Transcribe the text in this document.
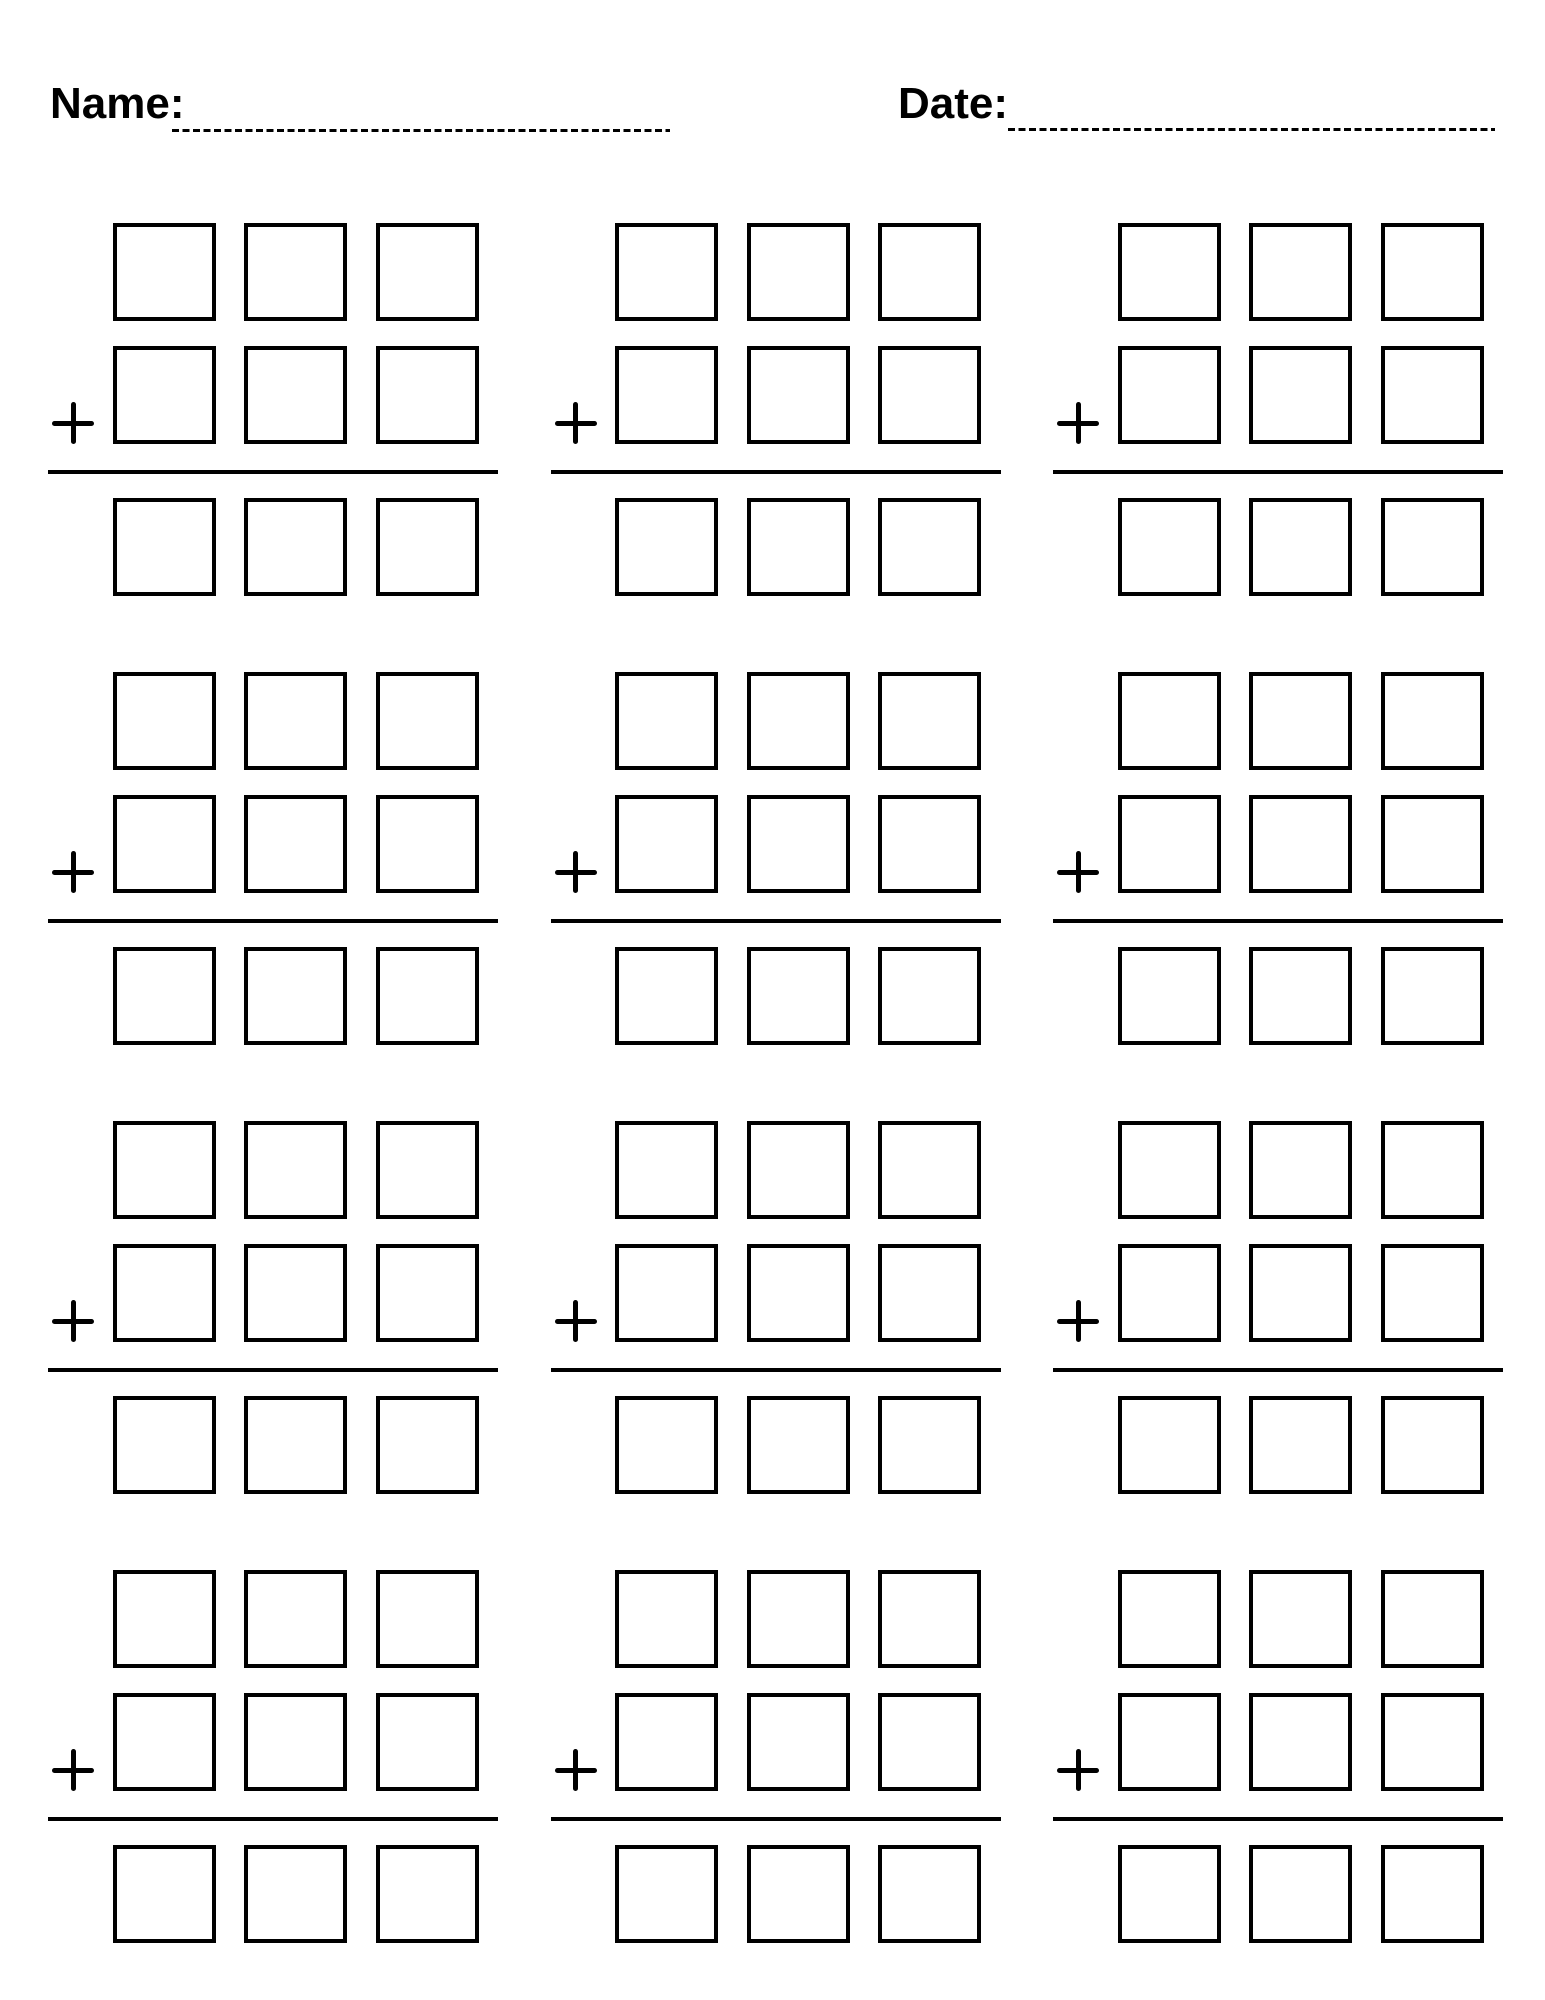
Name:	Date:
